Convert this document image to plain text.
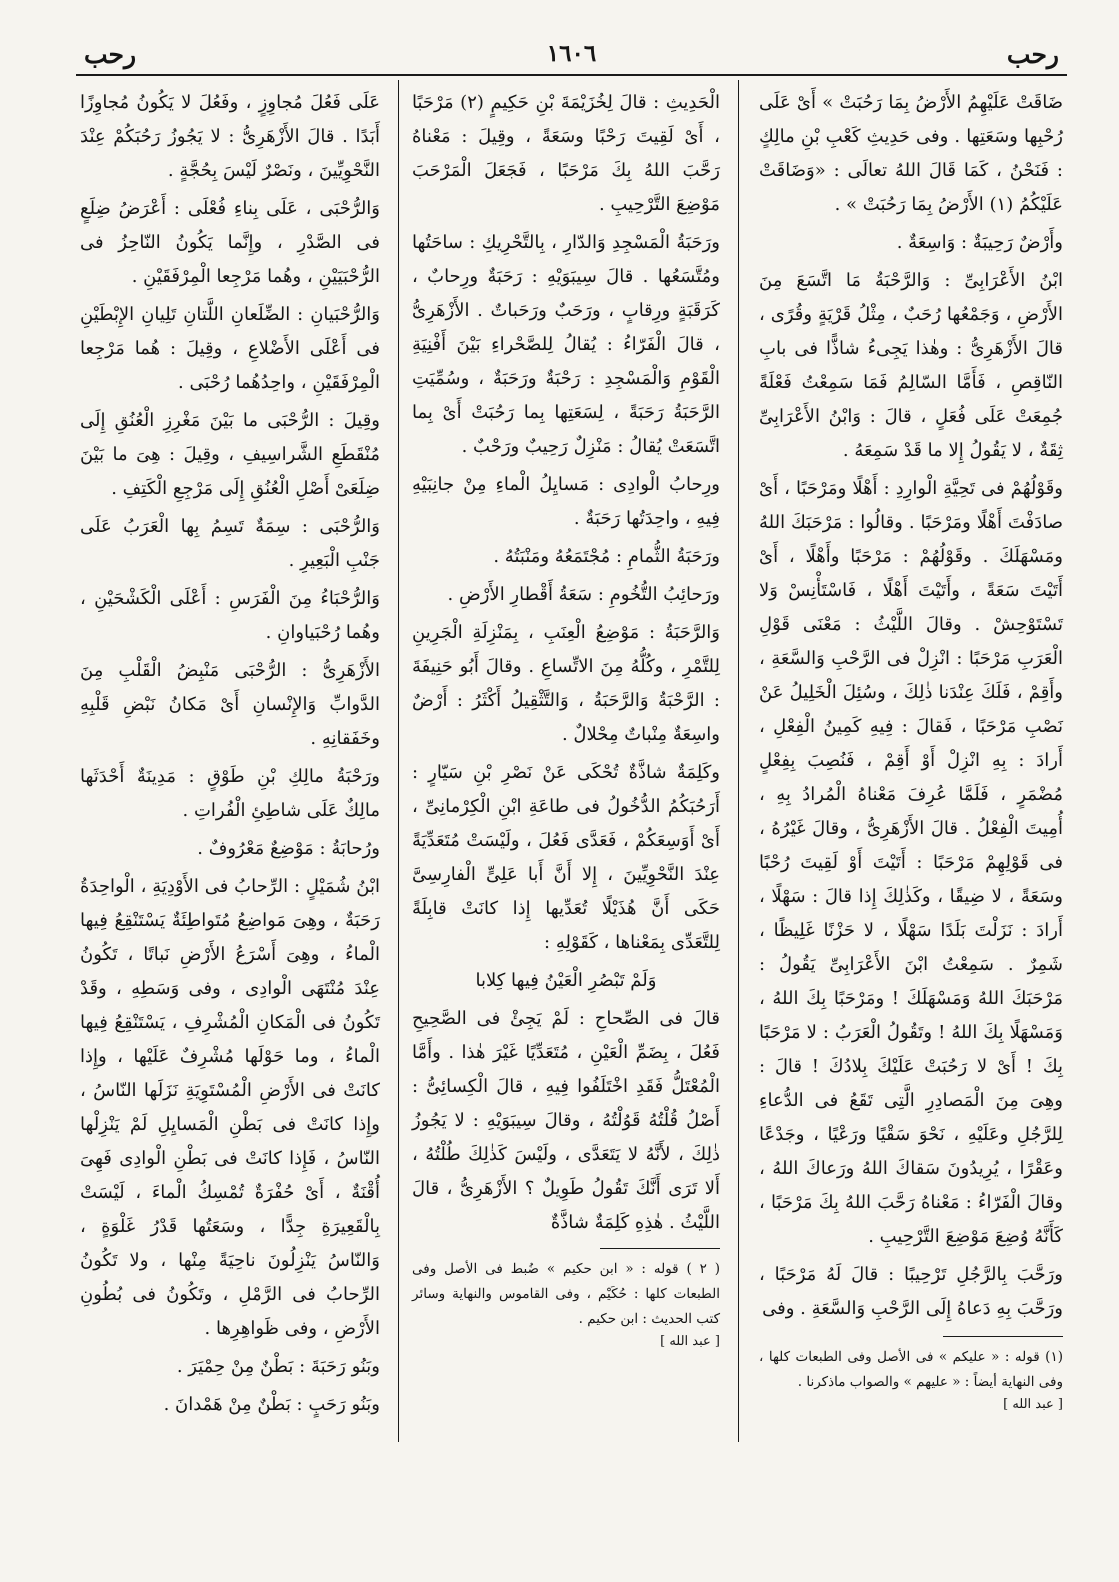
رحب
١٦٠٦
رحب

ضَاقَتْ عَلَيْهِمُ الأَرْضُ بِمَا رَحُبَتْ » أَىْ عَلَى رُحْبِها وسَعَتِها . وفى حَدِيثِ كَعْبِ بْنِ مالِكٍ : فَنَحْنُ ، كَمَا قَالَ اللهُ تعالَى : «وَضَاقَتْ عَلَيْكُمُ (١) الأَرْضُ بِمَا رَحُبَتْ » .

وأَرْضٌ رَحِيبَةٌ : وَاسِعَةٌ .

ابْنُ الأَعْرَابِىِّ : وَالرَّحْبَةُ مَا اتَّسَعَ مِنَ الأَرْضِ ، وَجَمْعُها رُحَبٌ ، مِثْلُ قَرْيَةٍ وقُرًى ، قالَ الأَزْهَرِىُّ : وهٰذا يَجِىءُ شاذًّا فى بابِ النّاقِصِ ، فَأَمَّا السّالِمُ فَمَا سَمِعْتُ فَعْلَةً جُمِعَتْ عَلَى فُعَلٍ ، قالَ : وَابْنُ الأَعْرَابِىِّ ثِقَةٌ ، لا يَقُولُ إِلا ما قَدْ سَمِعَهُ .

وقَوْلُهُمْ فى تَحِيَّةِ الْوارِدِ : أَهْلًا ومَرْحَبًا ، أَىْ صادَفْتَ أَهْلًا ومَرْحَبًا . وقالُوا : مَرْحَبَكَ اللهُ ومَسْهَلَكَ . وقَوْلُهُمْ : مَرْحَبًا وأَهْلًا ، أَىْ أَتَيْتَ سَعَةً ، وأَتَيْتَ أَهْلًا ، فَاسْتَأْنِسْ وَلا تَسْتَوْحِشْ . وقالَ اللَّيْثُ : مَعْنَى قَوْلِ الْعَرَبِ مَرْحَبًا : انْزِلْ فى الرَّحْبِ وَالسَّعَةِ ، وأَقِمْ ، فَلَكَ عِنْدَنا ذٰلِكَ ، وسُئِلَ الْخَلِيلُ عَنْ نَصْبِ مَرْحَبًا ، فَقالَ : فِيهِ كَمِينُ الْفِعْلِ ، أَرادَ : بِهِ انْزِلْ أَوْ أَقِمْ ، فَنُصِبَ بِفِعْلٍ مُضْمَرٍ ، فَلَمَّا عُرِفَ مَعْناهُ الْمُرادُ بِهِ ، أُمِيتَ الْفِعْلُ . قالَ الأَزْهَرِىُّ ، وقالَ غَيْرُهُ ، فى قَوْلِهِمْ مَرْحَبًا : أَتَيْتَ أَوْ لَقِيتَ رُحْبًا وسَعَةً ، لا ضِيقًا ، وكَذٰلِكَ إِذا قالَ : سَهْلًا ، أَرادَ : نَزَلْتَ بَلَدًا سَهْلًا ، لا حَزْنًا غَلِيظًا ، شَمِرٌ . سَمِعْتُ ابْنَ الأَعْرَابِىِّ يَقُولُ : مَرْحَبَكَ اللهُ وَمَسْهَلَكَ ! ومَرْحَبًا بِكَ اللهُ ، وَمَسْهَلًا بِكَ اللهُ ! وتَقُولُ الْعَرَبُ : لا مَرْحَبًا بِكَ ! أَىْ لا رَحُبَتْ عَلَيْكَ بِلادُكَ ! قالَ : وهِىَ مِنَ الْمَصادِرِ الَّتِى تَقَعُ فى الدُّعاءِ لِلرَّجُلِ وعَلَيْهِ ، نَحْوَ سَقْيًا ورَعْيًا ، وجَدْعًا وعَقْرًا ، يُرِيدُونَ سَقاكَ اللهُ ورَعاكَ اللهُ ، وقالَ الْفَرّاءُ : مَعْناهُ رَحَّبَ اللهُ بِكَ مَرْحَبًا ، كَأَنَّهُ وُضِعَ مَوْضِعَ التَّرْحِيبِ .

ورَحَّبَ بِالرَّجُلِ تَرْحِيبًا : قالَ لَهُ مَرْحَبًا ، ورَحَّبَ بِهِ دَعاهُ إِلَى الرَّحْبِ وَالسَّعَةِ . وفى

(١) قوله : « عليكم » فى الأصل وفى الطبعات كلها ، وفى النهاية أيضاً : « عليهم » والصواب ماذكرنا .

[ عبد الله ]

الْحَدِيثِ : قالَ لِخُزَيْمَةَ بْنِ حَكِيمٍ (٢) مَرْحَبًا ، أَىْ لَقِيتَ رَحْبًا وسَعَةً ، وقِيلَ : مَعْناهُ رَحَّبَ اللهُ بِكَ مَرْحَبًا ، فَجَعَلَ الْمَرْحَبَ مَوْضِعَ التَّرْحِيبِ .

ورَحَبَةُ الْمَسْجِدِ وَالدّارِ ، بِالتَّحْرِيكِ : ساحَتُها ومُتَّسَعُها . قالَ سِيبَوَيْهِ : رَحَبَةٌ ورِحابٌ ، كَرَقَبَةٍ ورِقابٍ ، ورَحَبٌ ورَحَباتٌ . الأَزْهَرِىُّ ، قالَ الْفَرّاءُ : يُقالُ لِلصَّحْراءِ بَيْنَ أَفْنِيَةِ الْقَوْمِ وَالْمَسْجِدِ : رَحْبَةٌ ورَحَبَةٌ ، وسُمِّيَتِ الرَّحَبَةُ رَحَبَةً ، لِسَعَتِها بِما رَحُبَتْ أَىْ بِما اتَّسَعَتْ يُقالُ : مَنْزِلٌ رَحِيبٌ ورَحْبٌ .

ورِحابُ الْوادِى : مَسايِلُ الْماءِ مِنْ جانِبَيْهِ فِيهِ ، واحِدَتُها رَحَبَةٌ .

ورَحَبَةُ الثُّمامِ : مُجْتَمَعُهُ ومَنْبَتُهُ .

ورَحائِبُ التُّخُومِ : سَعَةُ أَقْطارِ الأَرْضِ .

وَالرَّحَبَةُ : مَوْضِعُ الْعِنَبِ ، بِمَنْزِلَةِ الْجَرِينِ لِلتَّمْرِ ، وكُلُّهُ مِنَ الاتِّساعِ . وقالَ أَبُو حَنِيفَةَ : الرَّحْبَةُ وَالرَّحَبَةُ ، وَالتَّثْقِيلُ أَكْثَرُ : أَرْضٌ واسِعَةٌ مِنْباتٌ مِحْلالٌ .

وكَلِمَةٌ شاذَّةٌ تُحْكَى عَنْ نَصْرِ بْنِ سَيّارٍ : أَرَحُبَكُمُ الدُّخُولُ فى طاعَةِ ابْنِ الْكِرْمانِىِّ ، أَىْ أَوَسِعَكُمْ ، فَعَدَّى فَعُلَ ، ولَيْسَتْ مُتَعَدِّيَةً عِنْدَ النَّحْوِيِّينَ ، إِلا أَنَّ أَبا عَلِىٍّ الْفارِسِىَّ حَكَى أَنَّ هُذَيْلًا تُعَدِّيها إِذا كانَتْ قابِلَةً لِلتَّعَدِّى بِمَعْناها ، كَقَوْلِهِ :

وَلَمْ تَبْصُرِ الْعَيْنُ فِيها كِلابا

قالَ فى الصِّحاحِ : لَمْ يَجِئْ فى الصَّحِيحِ فَعُلَ ، بِضَمِّ الْعَيْنِ ، مُتَعَدِّيًا غَيْرَ هٰذا . وأَمَّا الْمُعْتَلُّ فَقَدِ اخْتَلَفُوا فِيهِ ، قالَ الْكِسائِىُّ : أَصْلُ قُلْتُهُ قَوُلْتُهُ ، وقالَ سِيبَوَيْهِ : لا يَجُوزُ ذٰلِكَ ، لأَنَّهُ لا يَتَعَدَّى ، ولَيْسَ كَذٰلِكَ طُلْتُهُ ، أَلا تَرَى أَنَّكَ تَقُولُ طَوِيلٌ ؟ الأَزْهَرِىُّ ، قالَ اللَّيْثُ . هٰذِهِ كَلِمَةٌ شاذَّةٌ

( ٢ ) قوله : « ابن حكيم » ضُبط فى الأصل وفى الطبعات كلها : حُكَيْم ، وفى القاموس والنهاية وسائر كتب الحديث : ابن حكيم .

[ عبد الله ]

عَلَى فَعُلَ مُجاوِزٍ ، وفَعُلَ لا يَكُونُ مُجاوِزًا أَبَدًا . قالَ الأَزْهَرِىُّ : لا يَجُوزُ رَحُبَكُمْ عِنْدَ النَّحْوِيِّينَ ، ونَصْرٌ لَيْسَ بِحُجَّةٍ .

وَالرُّحْبَى ، عَلَى بِناءِ فُعْلَى : أَعْرَضُ ضِلَعٍ فى الصَّدْرِ ، وإِنَّما يَكُونُ النّاحِزُ فى الرُّحْبَيَيْنِ ، وهُما مَرْجِعا الْمِرْفَقَيْنِ .

وَالرُّحْبَيانِ : الضِّلَعانِ اللَّتانِ تَلِيانِ الإِبْطَيْنِ فى أَعْلَى الأَضْلاعِ ، وقِيلَ : هُما مَرْجِعا الْمِرْفَقَيْنِ ، واحِدُهُما رُحْبَى .

وقِيلَ : الرُّحْبَى ما بَيْنَ مَغْرِزِ الْعُنُقِ إِلَى مُنْقَطَعِ الشَّراسِيفِ ، وقِيلَ : هِىَ ما بَيْنَ ضِلَعَىْ أَصْلِ الْعُنُقِ إِلَى مَرْجِعِ الْكَتِفِ .

وَالرُّحْبَى : سِمَةٌ تَسِمُ بِها الْعَرَبُ عَلَى جَنْبِ الْبَعِيرِ .

وَالرُّحْبَاءُ مِنَ الْفَرَسِ : أَعْلَى الْكَشْحَيْنِ ، وهُما رُحْبَياوانِ .

الأَزْهَرِىُّ : الرُّحْبَى مَنْبِضُ الْقَلْبِ مِنَ الدَّوابِّ وَالإِنْسانِ أَىْ مَكانُ نَبْضِ قَلْبِهِ وخَفَقانِهِ .

ورَحْبَةُ مالِكِ بْنِ طَوْقٍ : مَدِينَةٌ أَحْدَثَها مالِكٌ عَلَى شاطِئِ الْفُراتِ .

ورُحابَةُ : مَوْضِعٌ مَعْرُوفٌ .

ابْنُ شُمَيْلٍ : الرِّحابُ فى الأَوْدِيَةِ ، الْواحِدَةُ رَحَبَةٌ ، وهِىَ مَواضِعُ مُتَواطِئَةٌ يَسْتَنْقِعُ فِيها الْماءُ ، وهِىَ أَسْرَعُ الأَرْضِ نَباتًا ، تَكُونُ عِنْدَ مُنْتَهَى الْوادِى ، وفى وَسَطِهِ ، وقَدْ تَكُونُ فى الْمَكانِ الْمُشْرِفِ ، يَسْتَنْقِعُ فِيها الْماءُ ، وما حَوْلَها مُشْرِفٌ عَلَيْها ، وإِذا كانَتْ فى الأَرْضِ الْمُسْتَوِيَةِ نَزَلَها النّاسُ ، وإِذا كانَتْ فى بَطْنِ الْمَسايِلِ لَمْ يَنْزِلْها النّاسُ ، فَإِذا كانَتْ فى بَطْنِ الْوادِى فَهِىَ أُقْنَةٌ ، أَىْ حُفْرَةٌ تُمْسِكُ الْماءَ ، لَيْسَتْ بِالْقَعِيرَةِ جِدًّا ، وسَعَتُها قَدْرُ غَلْوَةٍ ، وَالنّاسُ يَنْزِلُونَ ناحِيَةً مِنْها ، ولا تَكُونُ الرِّحابُ فى الرَّمْلِ ، وتَكُونُ فى بُطُونِ الأَرْضِ ، وفى ظَواهِرِها .

وبَنُو رَحَبَةَ : بَطْنٌ مِنْ حِمْيَرَ .

وبَنُو رَحَبٍ : بَطْنٌ مِنْ هَمْدانَ .
